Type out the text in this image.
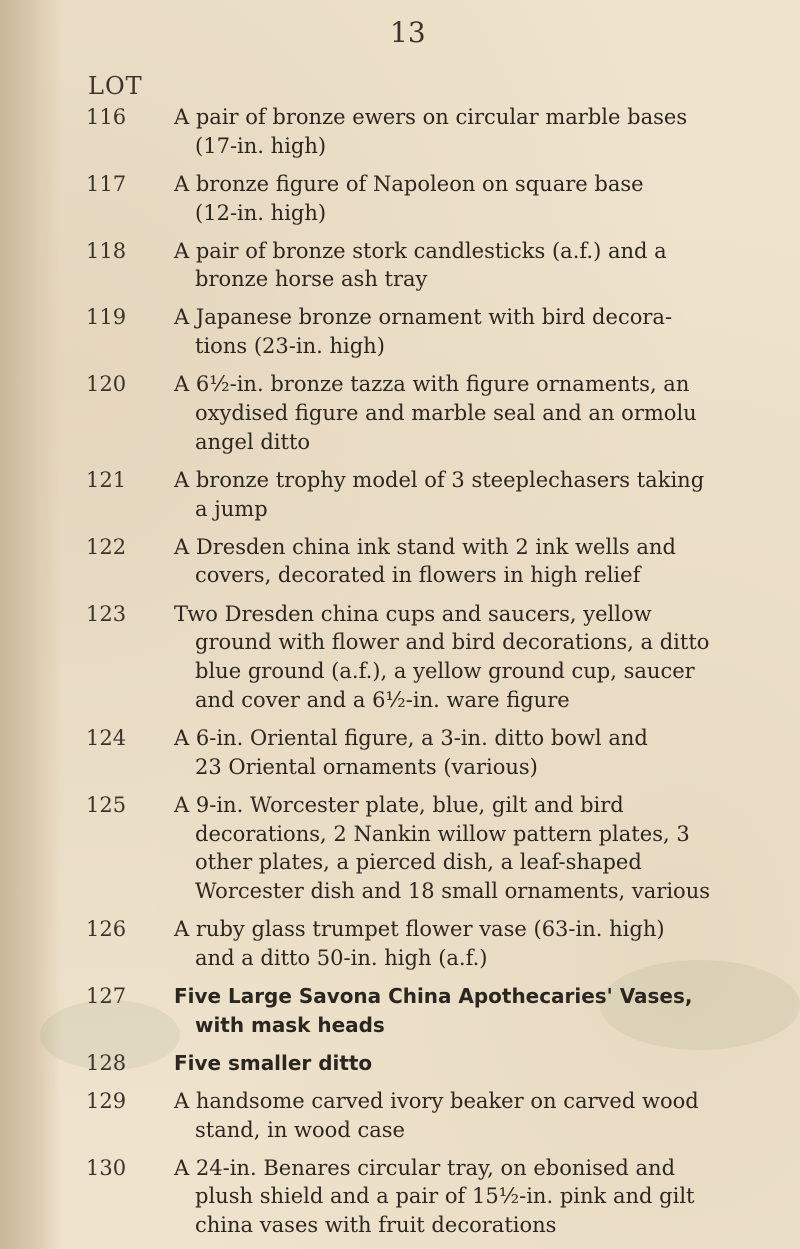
13
LOT
116	A pair of bronze ewers on circular marble bases
(17-in. high)
117	A bronze figure of Napoleon on square base
(12-in. high)
118	A pair of bronze stork candlesticks (a.f.) and a
bronze horse ash tray
119	A Japanese bronze ornament with bird decora-
tions (23-in. high)
120	A 6½-in. bronze tazza with figure ornaments, an
oxydised figure and marble seal and an ormolu
angel ditto
121	A bronze trophy model of 3 steeplechasers taking
a jump
122	A Dresden china ink stand with 2 ink wells and
covers, decorated in flowers in high relief
123	Two Dresden china cups and saucers, yellow
ground with flower and bird decorations, a ditto
blue ground (a.f.), a yellow ground cup, saucer
and cover and a 6½-in. ware figure
124	A 6-in. Oriental figure, a 3-in. ditto bowl and
23 Oriental ornaments (various)
125	A 9-in. Worcester plate, blue, gilt and bird
decorations, 2 Nankin willow pattern plates, 3
other plates, a pierced dish, a leaf-shaped
Worcester dish and 18 small ornaments, various
126	A ruby glass trumpet flower vase (63-in. high)
and a ditto 50-in. high (a.f.)
127	Five Large Savona China Apothecaries' Vases,
with mask heads
128	Five smaller ditto
129	A handsome carved ivory beaker on carved wood
stand, in wood case
130	A 24-in. Benares circular tray, on ebonised and
plush shield and a pair of 15½-in. pink and gilt
china vases with fruit decorations
